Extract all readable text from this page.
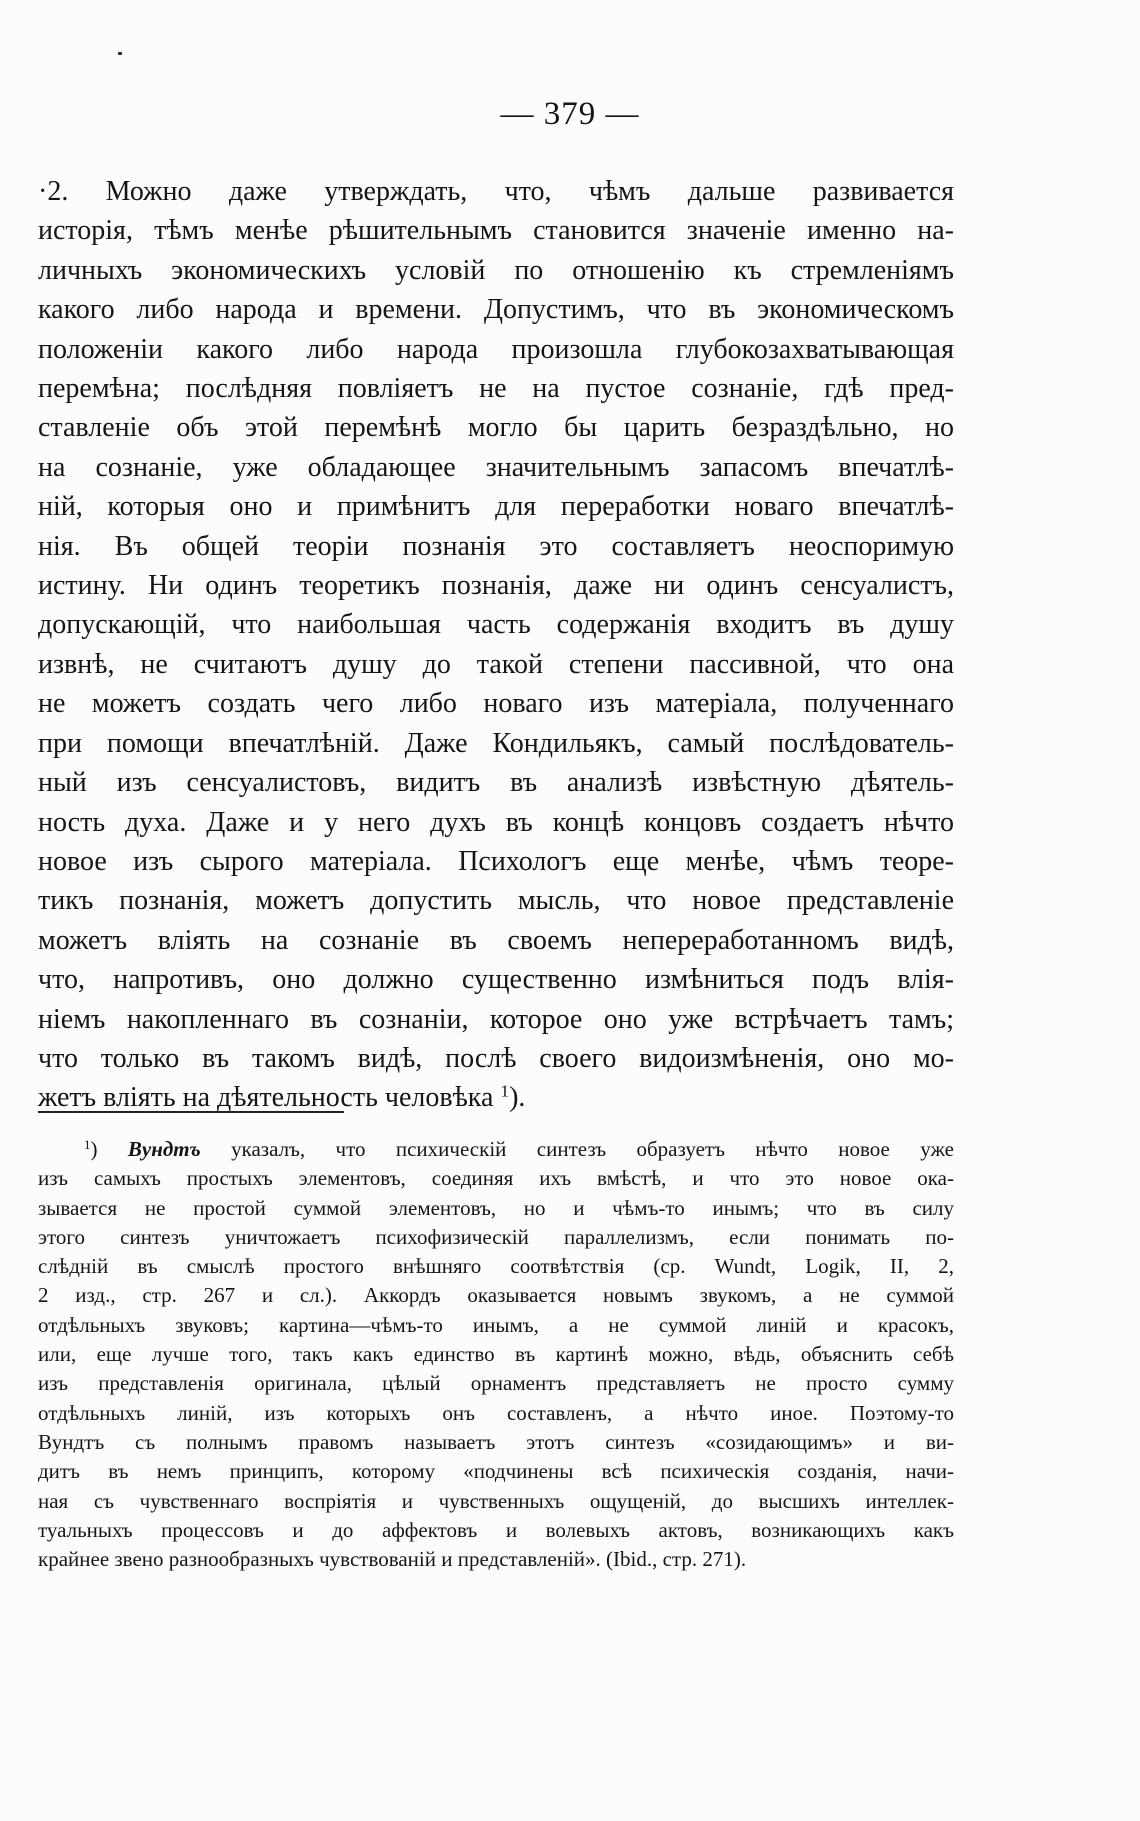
— 379 —
·2. Можно даже утверждать, что, чѣмъ дальше развивается
исторія, тѣмъ менѣе рѣшительнымъ становится значеніе именно на-
личныхъ экономическихъ условій по отношенію къ стремленіямъ
какого либо народа и времени. Допустимъ, что въ экономическомъ
положеніи какого либо народа произошла глубокозахватывающая
перемѣна; послѣдняя повліяетъ не на пустое сознаніе, гдѣ пред-
ставленіе объ этой перемѣнѣ могло бы царить безраздѣльно, но
на сознаніе, уже обладающее значительнымъ запасомъ впечатлѣ-
ній, которыя оно и примѣнитъ для переработки новаго впечатлѣ-
нія. Въ общей теоріи познанія это составляетъ неоспоримую
истину. Ни одинъ теоретикъ познанія, даже ни одинъ сенсуалистъ,
допускающій, что наибольшая часть содержанія входитъ въ душу
извнѣ, не считаютъ душу до такой степени пассивной, что она
не можетъ создать чего либо новаго изъ матеріала, полученнаго
при помощи впечатлѣній. Даже Кондильякъ, самый послѣдователь-
ный изъ сенсуалистовъ, видитъ въ анализѣ извѣстную дѣятель-
ность духа. Даже и у него духъ въ концѣ концовъ создаетъ нѣчто
новое изъ сырого матеріала. Психологъ еще менѣе, чѣмъ теоре-
тикъ познанія, можетъ допустить мысль, что новое представленіе
можетъ вліять на сознаніе въ своемъ непереработанномъ видѣ,
что, напротивъ, оно должно существенно измѣниться подъ влія-
ніемъ накопленнаго въ сознаніи, которое оно уже встрѣчаетъ тамъ;
что только въ такомъ видѣ, послѣ своего видоизмѣненія, оно мо-
жетъ вліять на дѣятельность человѣка $^1$).
$^1$) Вундтъ указалъ, что психическій синтезъ образуетъ нѣчто новое уже
изъ самыхъ простыхъ элементовъ, соединяя ихъ вмѣстѣ, и что это новое ока-
зывается не простой суммой элементовъ, но и чѣмъ-то инымъ; что въ силу
этого синтезъ уничтожаетъ психофизическій параллелизмъ, если понимать по-
слѣдній въ смыслѣ простого внѣшняго соотвѣтствія (ср. Wundt, Logik, II, 2,
2 изд., стр. 267 и сл.). Аккордъ оказывается новымъ звукомъ, а не суммой
отдѣльныхъ звуковъ; картина—чѣмъ-то инымъ, а не суммой линій и красокъ,
или, еще лучше того, такъ какъ единство въ картинѣ можно, вѣдь, объяснить себѣ
изъ представленія оригинала, цѣлый орнаментъ представляетъ не просто сумму
отдѣльныхъ линій, изъ которыхъ онъ составленъ, а нѣчто иное. Поэтому-то
Вундтъ съ полнымъ правомъ называетъ этотъ синтезъ «созидающимъ» и ви-
дитъ въ немъ принципъ, которому «подчинены всѣ психическія созданія, начи-
ная съ чувственнаго воспріятія и чувственныхъ ощущеній, до высшихъ интеллек-
туальныхъ процессовъ и до аффектовъ и волевыхъ актовъ, возникающихъ какъ
крайнее звено разнообразныхъ чувствованій и представленій». (Ibid., стр. 271).
